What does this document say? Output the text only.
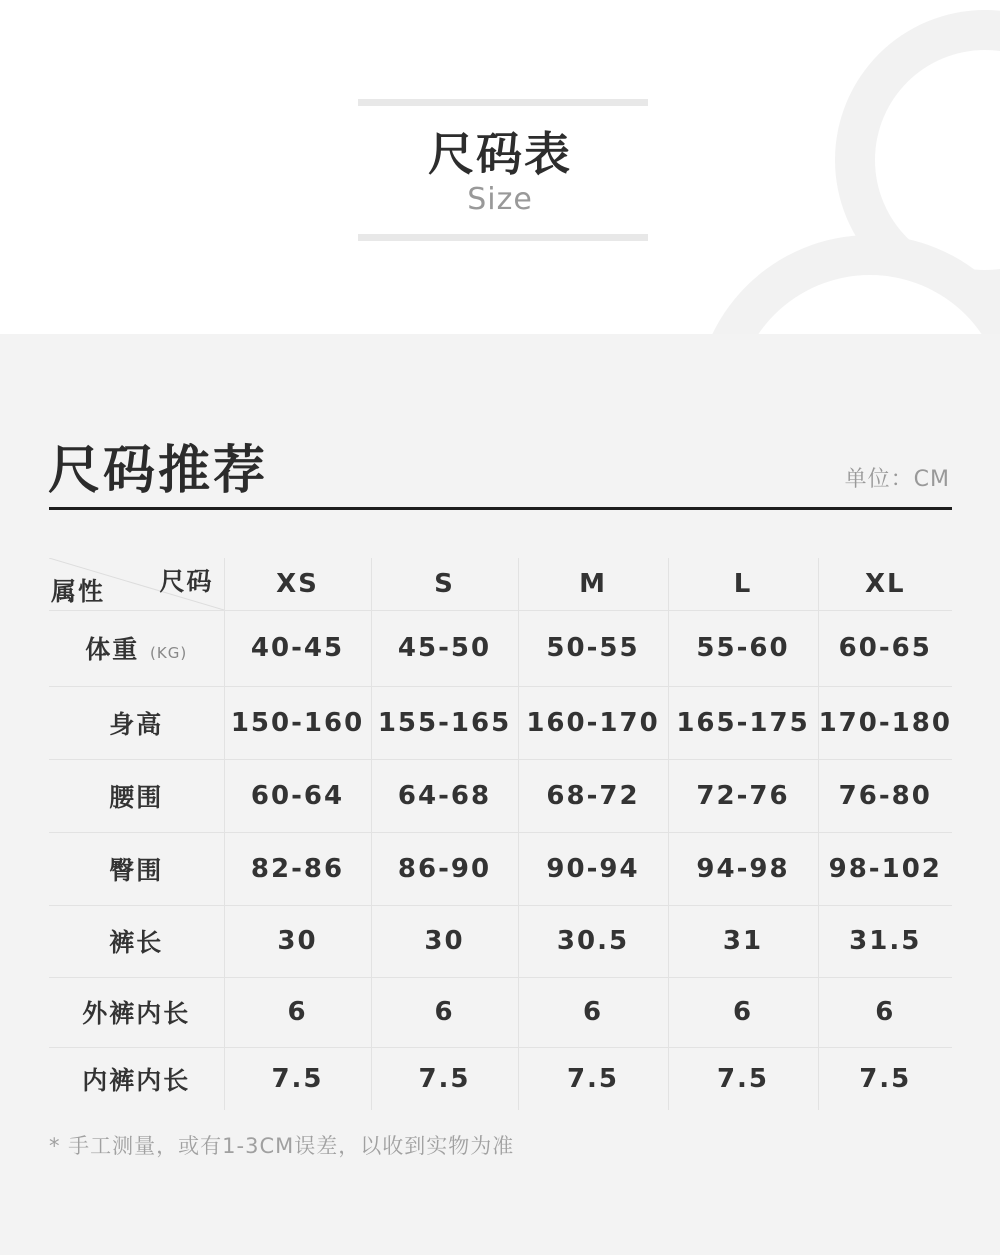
尺码表
Size
尺码推荐	单位：CM
尺码
属性	XS	S	M	L	XL
体重 (KG)	40-45	45-50	50-55	55-60	60-65
身高	150-160	155-165	160-170	165-175	170-180
腰围	60-64	64-68	68-72	72-76	76-80
臀围	82-86	86-90	90-94	94-98	98-102
裤长	30	30	30.5	31	31.5
外裤内长	6	6	6	6	6
内裤内长	7.5	7.5	7.5	7.5	7.5
* 手工测量，或有1-3CM误差，以收到实物为准
